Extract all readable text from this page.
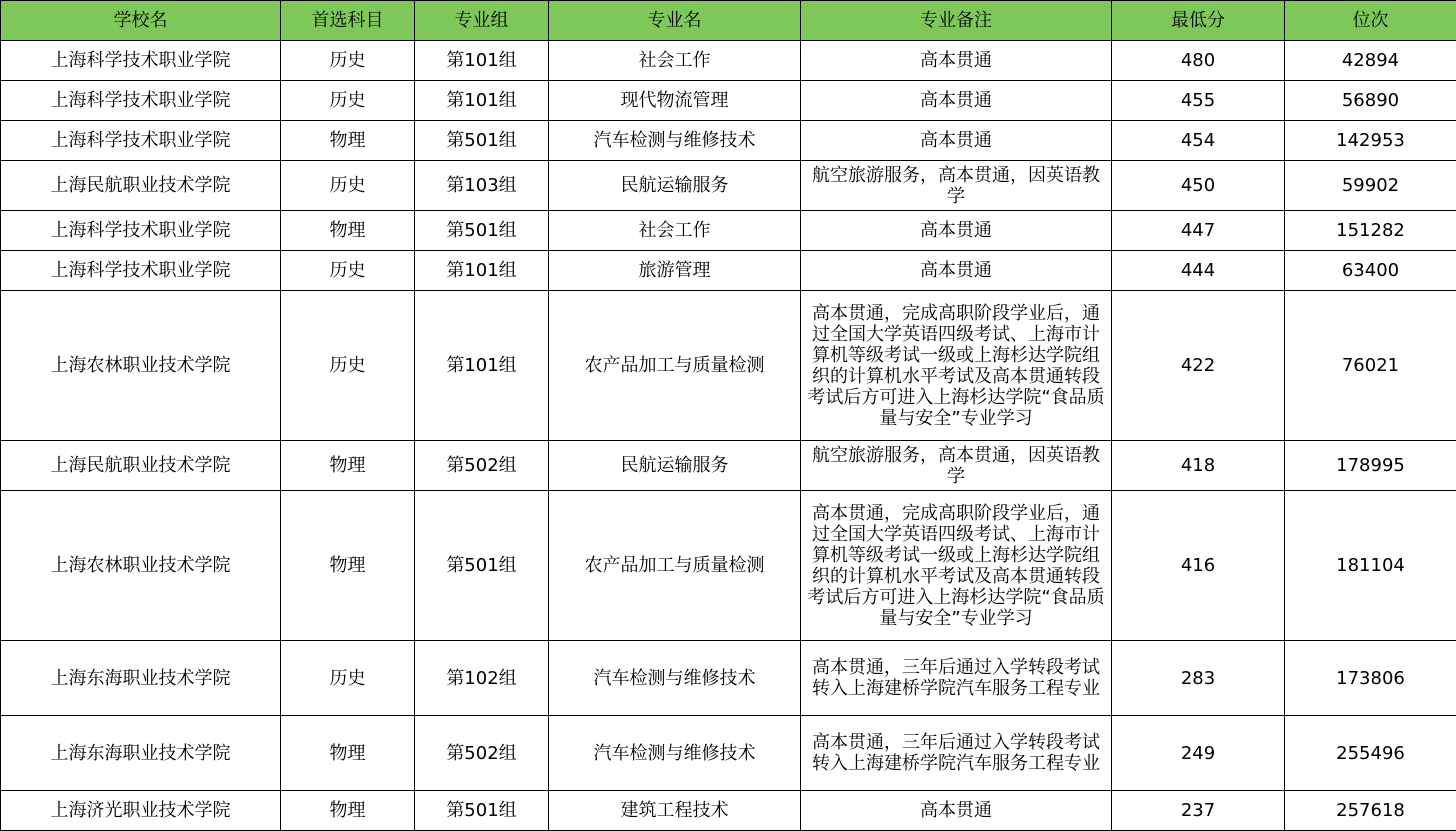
学校名	首选科目	专业组	专业名	专业备注	最低分	位次
上海科学技术职业学院	历史	第101组	社会工作	高本贯通	480	42894
上海科学技术职业学院	历史	第101组	现代物流管理	高本贯通	455	56890
上海科学技术职业学院	物理	第501组	汽车检测与维修技术	高本贯通	454	142953
上海民航职业技术学院	历史	第103组	民航运输服务	航空旅游服务，高本贯通，因英语教学	450	59902
上海科学技术职业学院	物理	第501组	社会工作	高本贯通	447	151282
上海科学技术职业学院	历史	第101组	旅游管理	高本贯通	444	63400
上海农林职业技术学院	历史	第101组	农产品加工与质量检测	高本贯通，完成高职阶段学业后，通过全国大学英语四级考试、上海市计算机等级考试一级或上海杉达学院组织的计算机水平考试及高本贯通转段考试后方可进入上海杉达学院“食品质量与安全”专业学习	422	76021
上海民航职业技术学院	物理	第502组	民航运输服务	航空旅游服务，高本贯通，因英语教学	418	178995
上海农林职业技术学院	物理	第501组	农产品加工与质量检测	高本贯通，完成高职阶段学业后，通过全国大学英语四级考试、上海市计算机等级考试一级或上海杉达学院组织的计算机水平考试及高本贯通转段考试后方可进入上海杉达学院“食品质量与安全”专业学习	416	181104
上海东海职业技术学院	历史	第102组	汽车检测与维修技术	高本贯通，三年后通过入学转段考试转入上海建桥学院汽车服务工程专业	283	173806
上海东海职业技术学院	物理	第502组	汽车检测与维修技术	高本贯通，三年后通过入学转段考试转入上海建桥学院汽车服务工程专业	249	255496
上海济光职业技术学院	物理	第501组	建筑工程技术	高本贯通	237	257618
